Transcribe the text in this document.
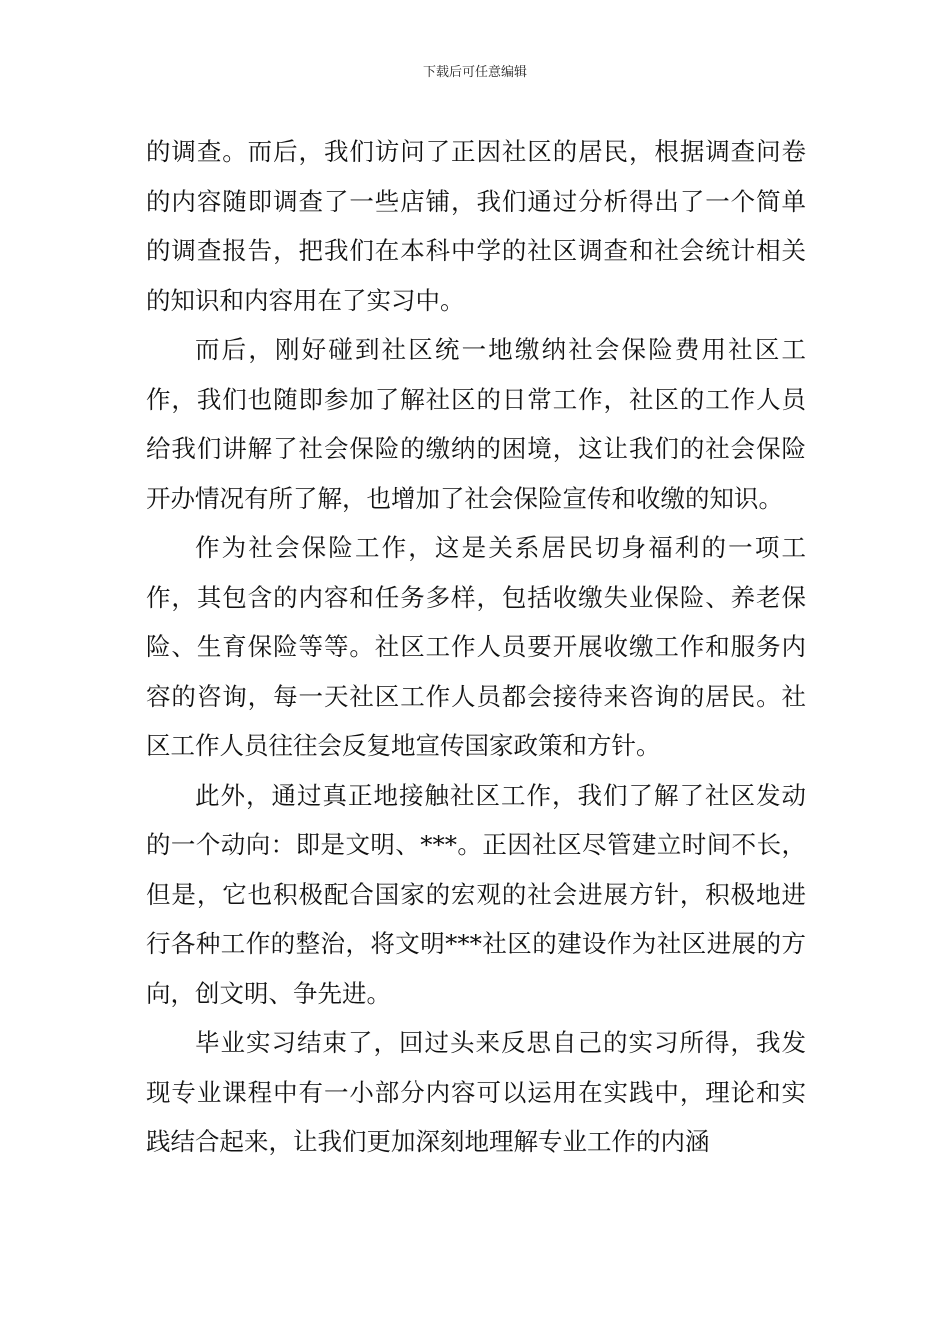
下载后可任意编辑

的调查。而后，我们访问了正因社区的居民，根据调查问卷的内容随即调查了一些店铺，我们通过分析得出了一个简单的调查报告，把我们在本科中学的社区调查和社会统计相关的知识和内容用在了实习中。

而后，刚好碰到社区统一地缴纳社会保险费用社区工作，我们也随即参加了解社区的日常工作，社区的工作人员给我们讲解了社会保险的缴纳的困境，这让我们的社会保险开办情况有所了解，也增加了社会保险宣传和收缴的知识。

作为社会保险工作，这是关系居民切身福利的一项工作，其包含的内容和任务多样，包括收缴失业保险、养老保险、生育保险等等。社区工作人员要开展收缴工作和服务内容的咨询，每一天社区工作人员都会接待来咨询的居民。社区工作人员往往会反复地宣传国家政策和方针。

此外，通过真正地接触社区工作，我们了解了社区发动的一个动向：即是文明、***。正因社区尽管建立时间不长，但是，它也积极配合国家的宏观的社会进展方针，积极地进行各种工作的整治，将文明***社区的建设作为社区进展的方向，创文明、争先进。

毕业实习结束了，回过头来反思自己的实习所得，我发现专业课程中有一小部分内容可以运用在实践中，理论和实践结合起来，让我们更加深刻地理解专业工作的内涵
